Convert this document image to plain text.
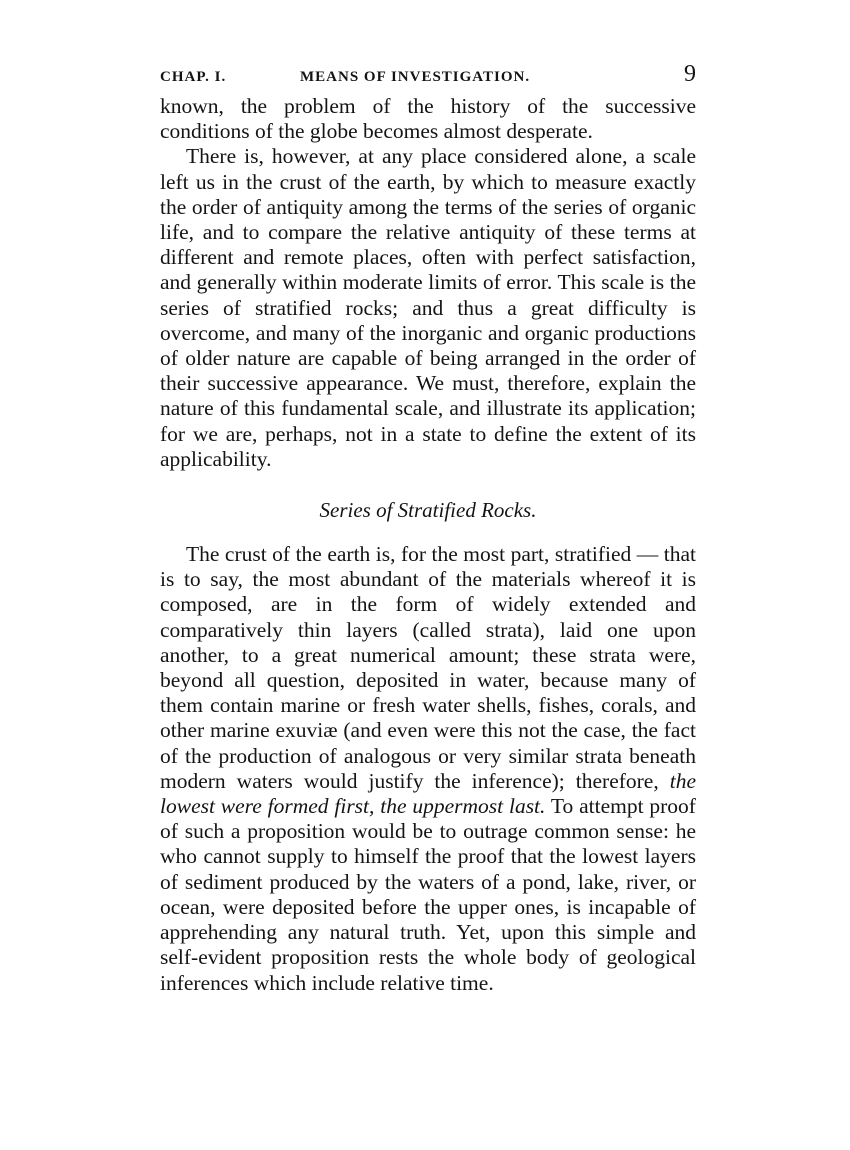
CHAP. I.	MEANS OF INVESTIGATION.	9

known, the problem of the history of the successive conditions of the globe becomes almost desperate.

There is, however, at any place considered alone, a scale left us in the crust of the earth, by which to measure exactly the order of antiquity among the terms of the series of organic life, and to compare the relative antiquity of these terms at different and remote places, often with perfect satisfaction, and generally within moderate limits of error. This scale is the series of stratified rocks; and thus a great difficulty is overcome, and many of the inorganic and organic productions of older nature are capable of being arranged in the order of their successive appearance. We must, therefore, explain the nature of this fundamental scale, and illustrate its application; for we are, perhaps, not in a state to define the extent of its applicability.

Series of Stratified Rocks.

The crust of the earth is, for the most part, stratified — that is to say, the most abundant of the materials whereof it is composed, are in the form of widely extended and comparatively thin layers (called strata), laid one upon another, to a great numerical amount; these strata were, beyond all question, deposited in water, because many of them contain marine or fresh water shells, fishes, corals, and other marine exuviæ (and even were this not the case, the fact of the production of analogous or very similar strata beneath modern waters would justify the inference); therefore, the lowest were formed first, the uppermost last. To attempt proof of such a proposition would be to outrage common sense: he who cannot supply to himself the proof that the lowest layers of sediment produced by the waters of a pond, lake, river, or ocean, were deposited before the upper ones, is incapable of apprehending any natural truth. Yet, upon this simple and self-evident proposition rests the whole body of geological inferences which include relative time.
